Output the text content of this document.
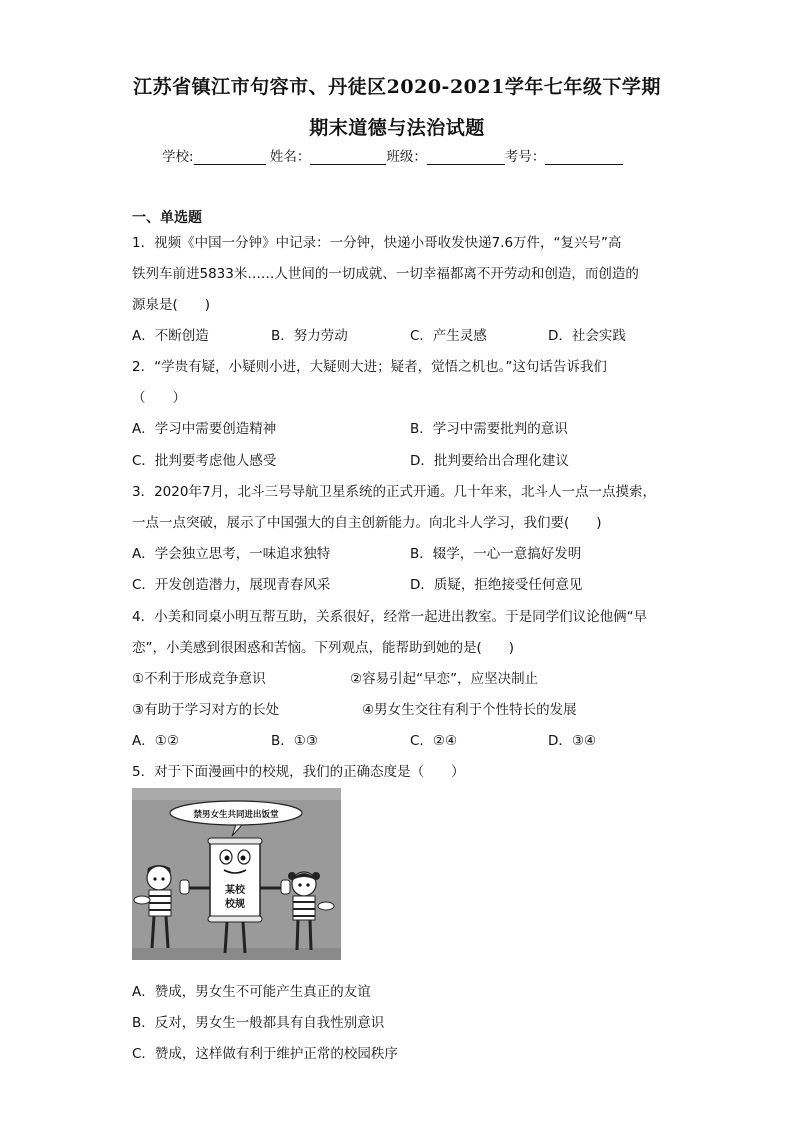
江苏省镇江市句容市、丹徒区2020-2021学年七年级下学期
期末道德与法治试题
学校:	姓名：	班级：	考号：
一、单选题
1．视频《中国一分钟》中记录：一分钟，快递小哥收发快递7.6万件，“复兴号”高
铁列车前进5833米……人世间的一切成就、一切幸福都离不开劳动和创造，而创造的
源泉是(　　)
A．不断创造	B．努力劳动	C．产生灵感	D．社会实践
2．“学贵有疑，小疑则小进，大疑则大进；疑者，觉悟之机也。”这句话告诉我们
（　　）
A．学习中需要创造精神	B．学习中需要批判的意识
C．批判要考虑他人感受	D．批判要给出合理化建议
3．2020年7月，北斗三号导航卫星系统的正式开通。几十年来，北斗人一点一点摸索，
一点一点突破，展示了中国强大的自主创新能力。向北斗人学习，我们要(　　)
A．学会独立思考，一味追求独特	B．辍学，一心一意搞好发明
C．开发创造潜力，展现青春风采	D．质疑，拒绝接受任何意见
4．小美和同桌小明互帮互助，关系很好，经常一起进出教室。于是同学们议论他俩“早
恋”，小美感到很困惑和苦恼。下列观点，能帮助到她的是(　　)
①不利于形成竞争意识	②容易引起“早恋”，应坚决制止
③有助于学习对方的长处	④男女生交往有利于个性特长的发展
A．①②	B．①③	C．②④	D．③④
5．对于下面漫画中的校规，我们的正确态度是（　　）
禁男女生共同进出饭堂
某校
校规
A．赞成，男女生不可能产生真正的友谊
B．反对，男女生一般都具有自我性别意识
C．赞成，这样做有利于维护正常的校园秩序
